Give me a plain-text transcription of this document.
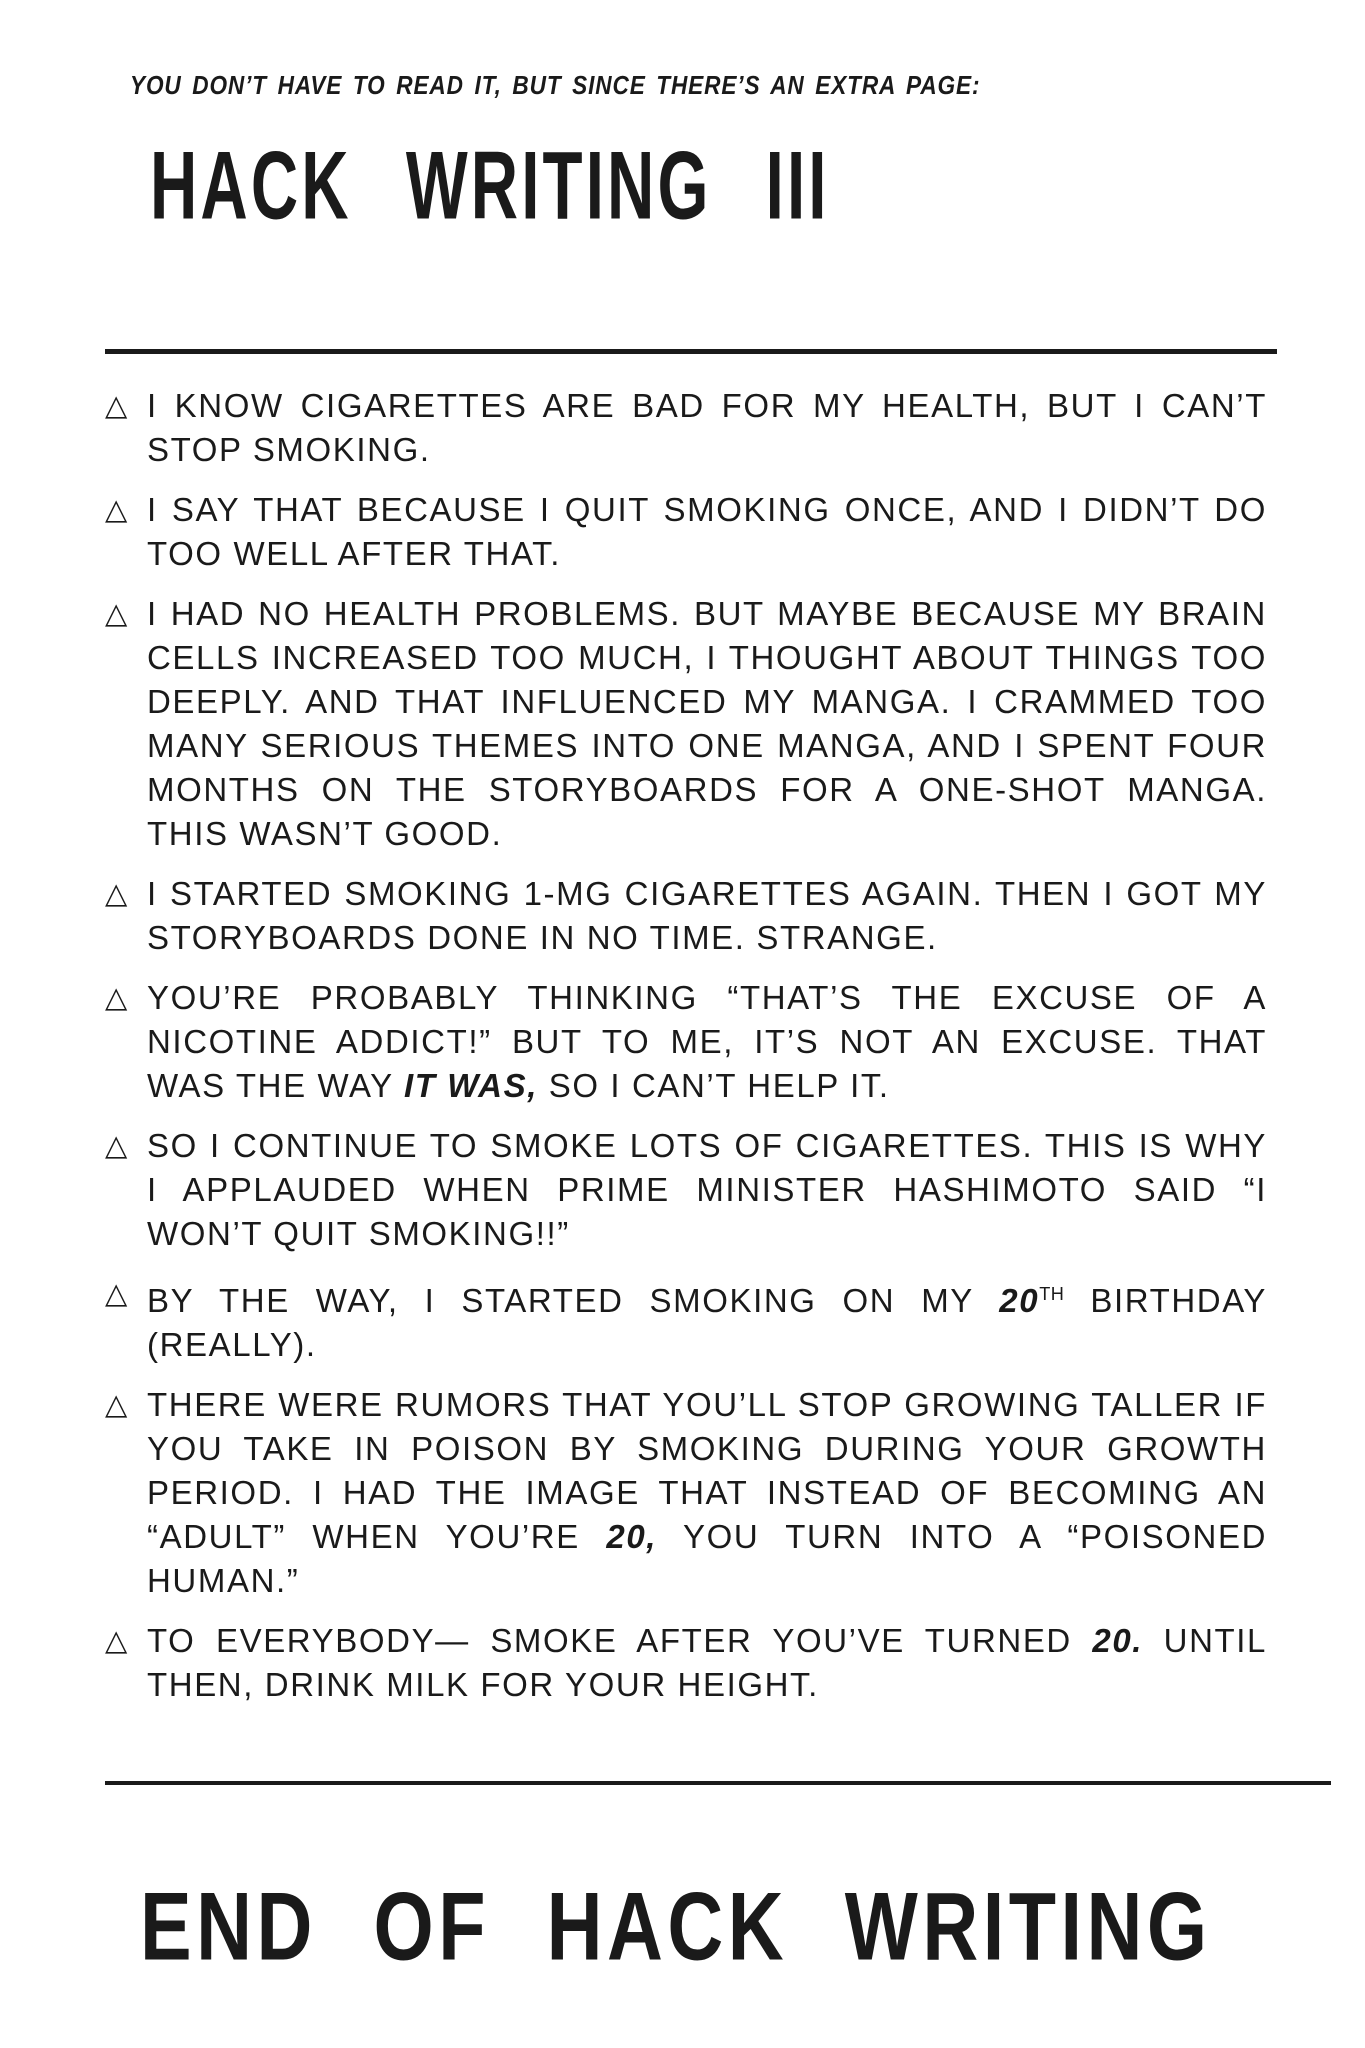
YOU DON’T HAVE TO READ IT, BUT SINCE THERE’S AN EXTRA PAGE:
HACK WRITING III
△ I KNOW CIGARETTES ARE BAD FOR MY HEALTH, BUT I CAN’T STOP SMOKING.
△ I SAY THAT BECAUSE I QUIT SMOKING ONCE, AND I DIDN’T DO TOO WELL AFTER THAT.
△ I HAD NO HEALTH PROBLEMS. BUT MAYBE BECAUSE MY BRAIN CELLS INCREASED TOO MUCH, I THOUGHT ABOUT THINGS TOO DEEPLY. AND THAT INFLUENCED MY MANGA. I CRAMMED TOO MANY SERIOUS THEMES INTO ONE MANGA, AND I SPENT FOUR MONTHS ON THE STORYBOARDS FOR A ONE-SHOT MANGA. THIS WASN’T GOOD.
△ I STARTED SMOKING 1-MG CIGARETTES AGAIN. THEN I GOT MY STORYBOARDS DONE IN NO TIME. STRANGE.
△ YOU’RE PROBABLY THINKING “THAT’S THE EXCUSE OF A NICOTINE ADDICT!” BUT TO ME, IT’S NOT AN EXCUSE. THAT WAS THE WAY IT WAS, SO I CAN’T HELP IT.
△ SO I CONTINUE TO SMOKE LOTS OF CIGARETTES. THIS IS WHY I APPLAUDED WHEN PRIME MINISTER HASHIMOTO SAID “I WON’T QUIT SMOKING!!”
△ BY THE WAY, I STARTED SMOKING ON MY 20TH BIRTHDAY (REALLY).
△ THERE WERE RUMORS THAT YOU’LL STOP GROWING TALLER IF YOU TAKE IN POISON BY SMOKING DURING YOUR GROWTH PERIOD. I HAD THE IMAGE THAT INSTEAD OF BECOMING AN “ADULT” WHEN YOU’RE 20, YOU TURN INTO A “POISONED HUMAN.”
△ TO EVERYBODY— SMOKE AFTER YOU’VE TURNED 20. UNTIL THEN, DRINK MILK FOR YOUR HEIGHT.
END OF HACK WRITING
